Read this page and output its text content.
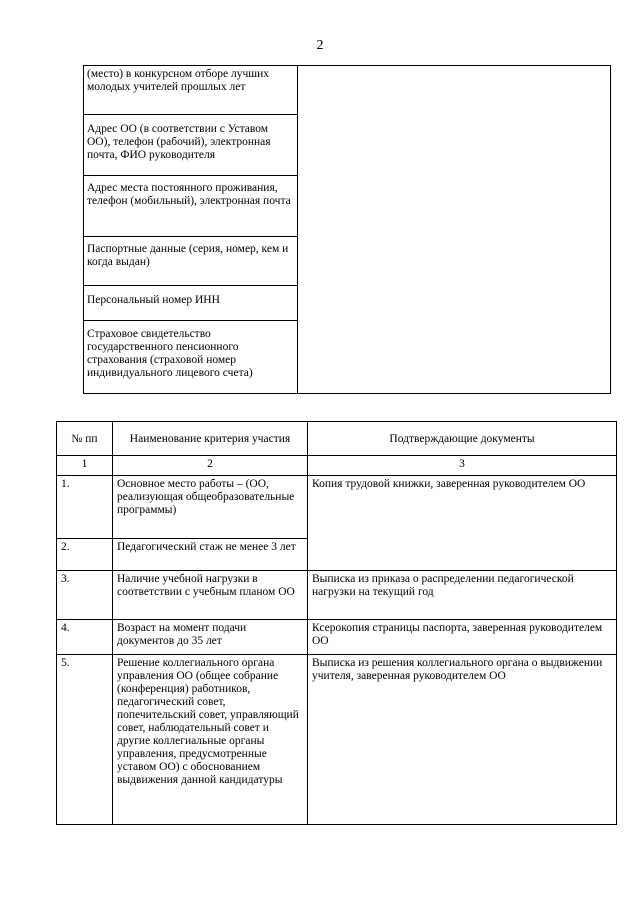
2
(место) в конкурсном отборе лучших молодых учителей прошлых лет	
Адрес ОО (в соответствии с Уставом ОО), телефон (рабочий), электронная почта, ФИО руководителя
Адрес места постоянного проживания, телефон (мобильный), электронная почта
Паспортные данные (серия, номер, кем и когда выдан)
Персональный номер ИНН
Страховое свидетельство государственного пенсионного страхования (страховой номер индивидуального лицевого счета)
№ пп	Наименование критерия участия	Подтверждающие документы
1	2	3
1.	Основное место работы – (ОО, реализующая общеобразовательные программы)	Копия трудовой книжки, заверенная руководителем ОО
2.	Педагогический стаж не менее 3 лет	
3.	Наличие учебной нагрузки в соответствии с учебным планом ОО	Выписка из приказа о распределении педагогической нагрузки на текущий год
4.	Возраст на момент подачи документов до 35 лет	Ксерокопия страницы паспорта, заверенная руководителем ОО
5.	Решение коллегиального органа управления ОО (общее собрание (конференция) работников, педагогический совет, попечительский совет, управляющий совет, наблюдательный совет и другие коллегиальные органы управления, предусмотренные уставом ОО) с обоснованием выдвижения данной кандидатуры	Выписка из решения коллегиального органа о выдвижении учителя, заверенная руководителем ОО
